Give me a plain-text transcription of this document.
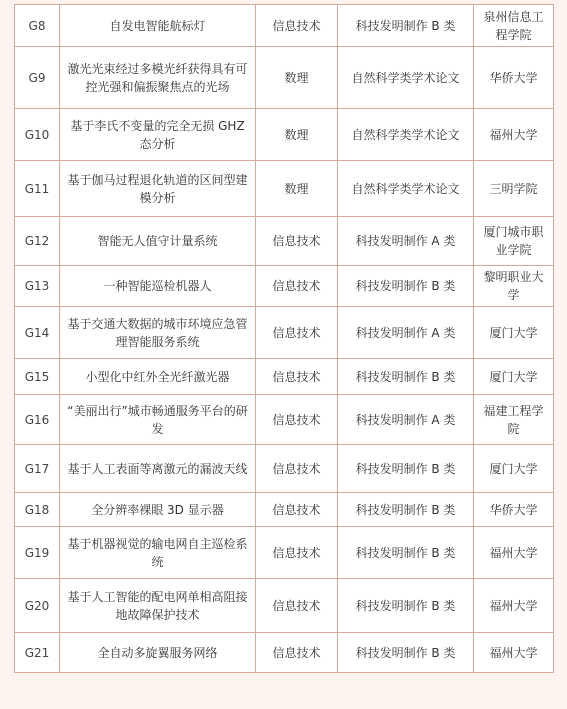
G8	自发电智能航标灯	信息技术	科技发明制作 B 类	泉州信息工程学院
G9	激光光束经过多模光纤获得具有可控光强和偏振聚焦点的光场	数理	自然科学类学术论文	华侨大学
G10	基于李氏不变量的完全无损 GHZ 态分析	数理	自然科学类学术论文	福州大学
G11	基于伽马过程退化轨道的区间型建模分析	数理	自然科学类学术论文	三明学院
G12	智能无人值守计量系统	信息技术	科技发明制作 A 类	厦门城市职业学院
G13	一种智能巡检机器人	信息技术	科技发明制作 B 类	黎明职业大学
G14	基于交通大数据的城市环境应急管理智能服务系统	信息技术	科技发明制作 A 类	厦门大学
G15	小型化中红外全光纤激光器	信息技术	科技发明制作 B 类	厦门大学
G16	“美丽出行”城市畅通服务平台的研发	信息技术	科技发明制作 A 类	福建工程学院
G17	基于人工表面等离激元的漏波天线	信息技术	科技发明制作 B 类	厦门大学
G18	全分辨率裸眼 3D 显示器	信息技术	科技发明制作 B 类	华侨大学
G19	基于机器视觉的输电网自主巡检系统	信息技术	科技发明制作 B 类	福州大学
G20	基于人工智能的配电网单相高阻接地故障保护技术	信息技术	科技发明制作 B 类	福州大学
G21	全自动多旋翼服务网络	信息技术	科技发明制作 B 类	福州大学
